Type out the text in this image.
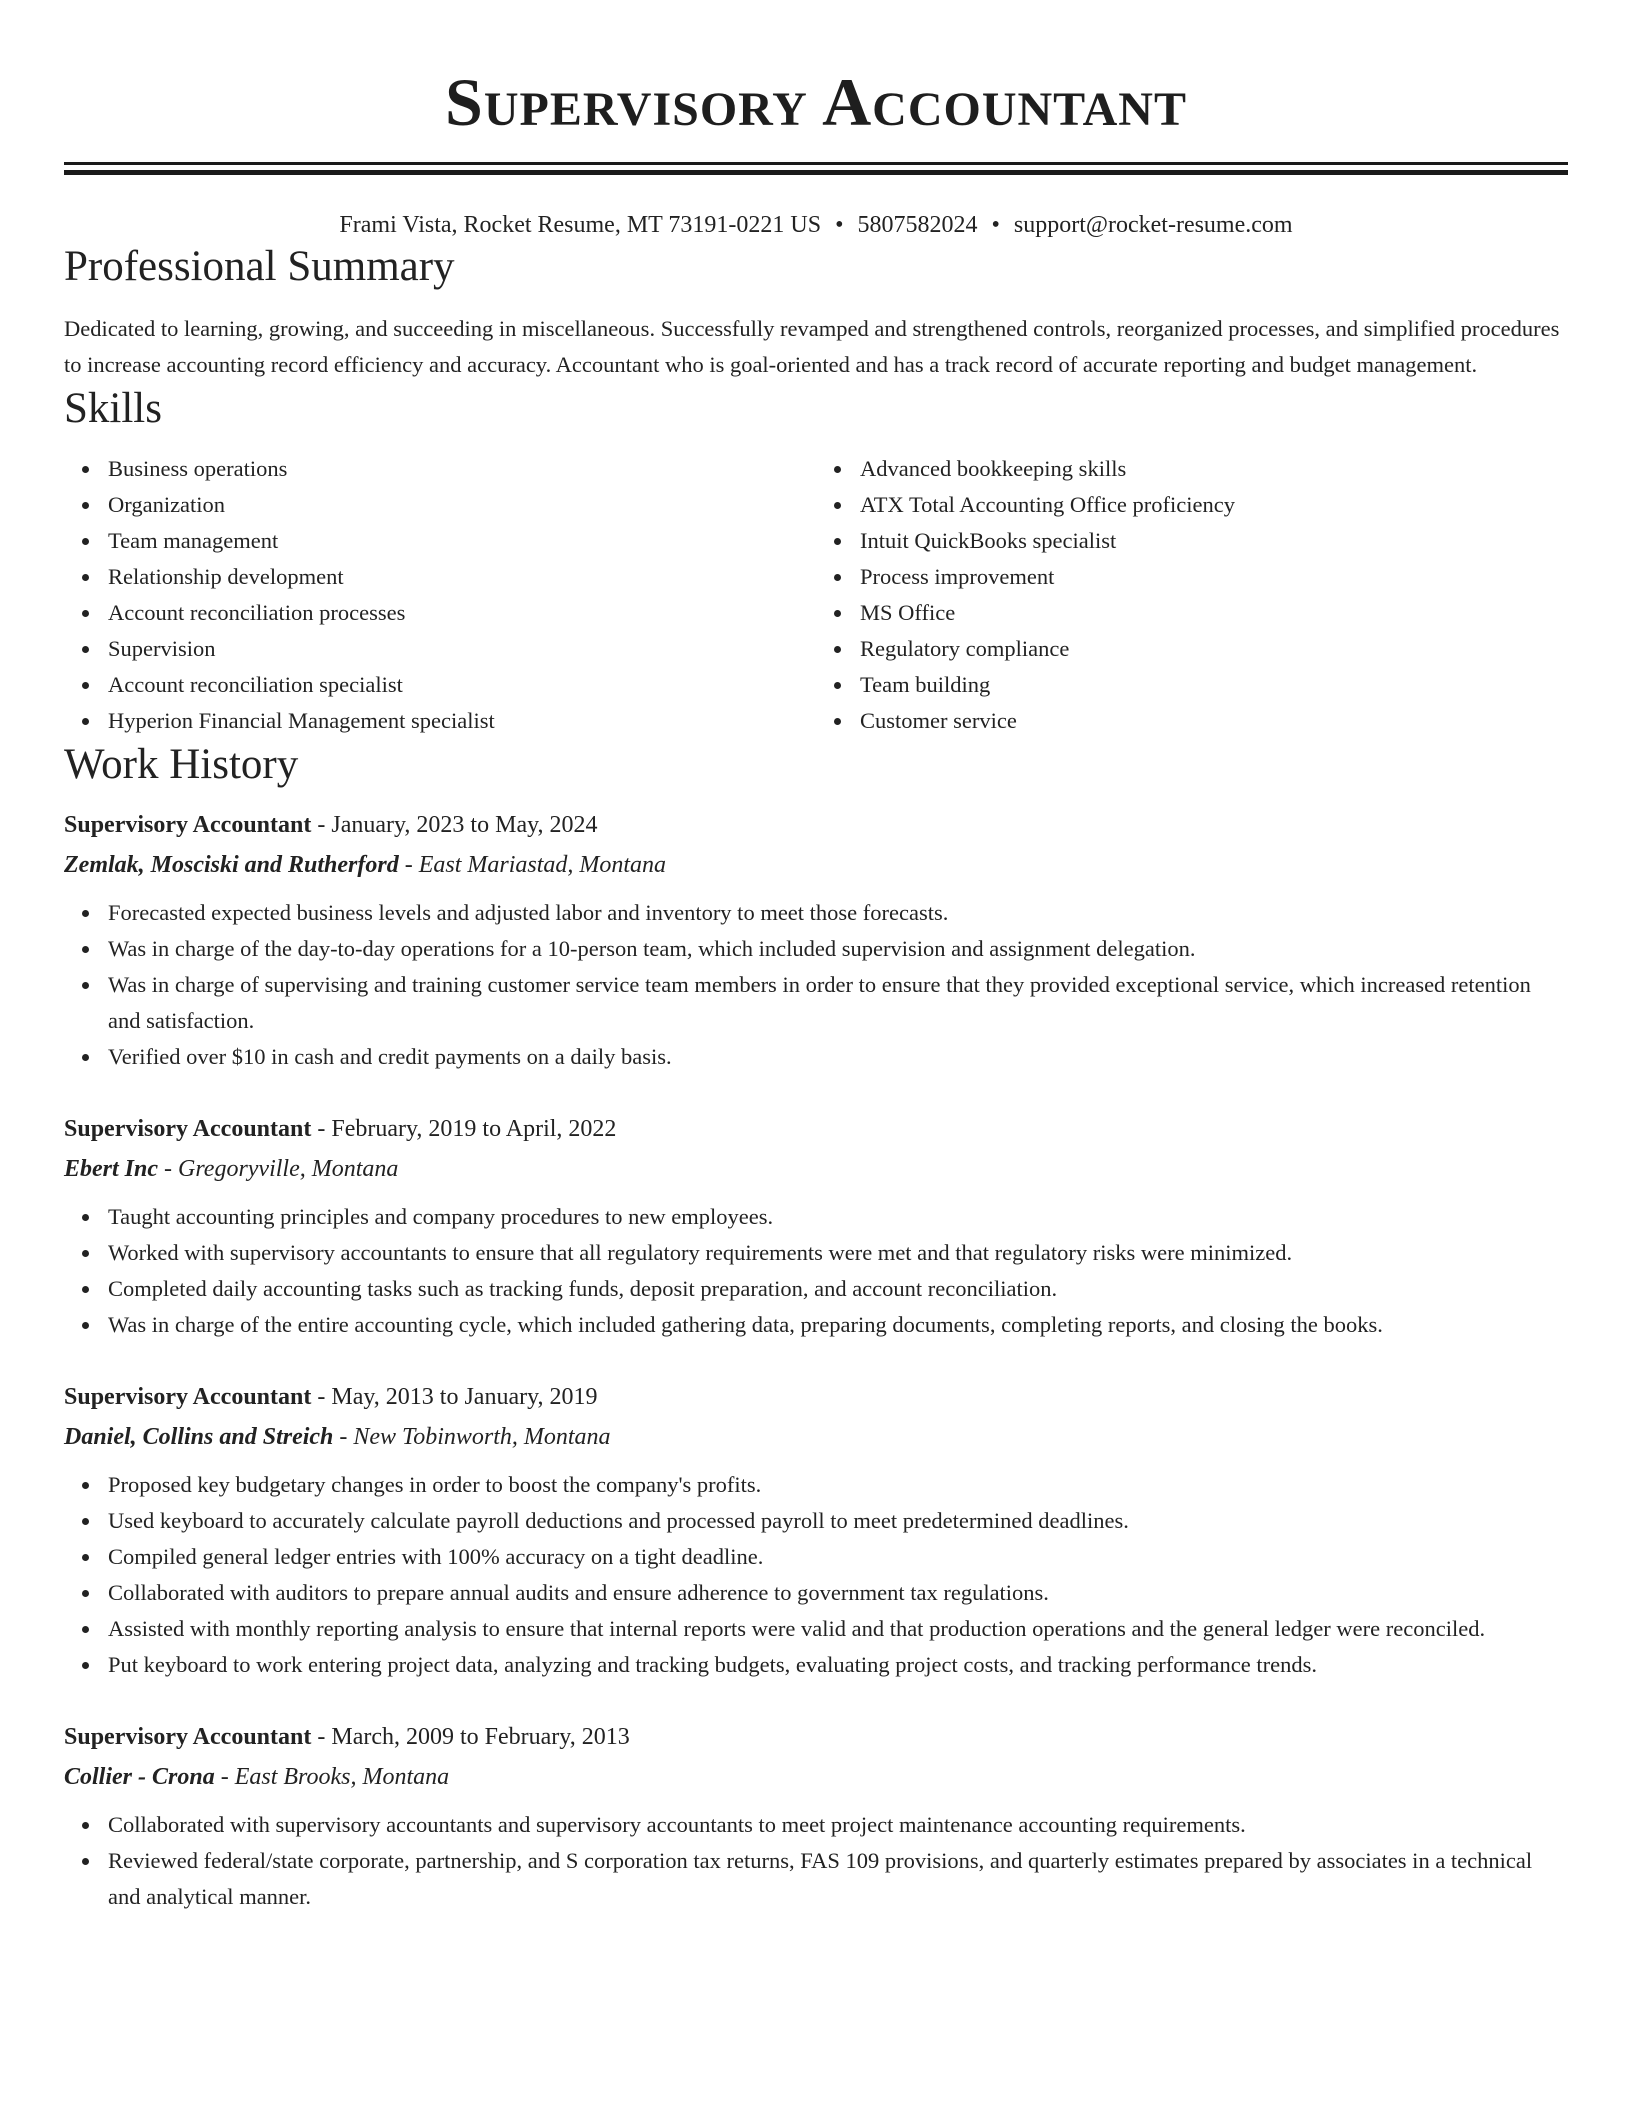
Supervisory Accountant
Frami Vista, Rocket Resume, MT 73191-0221 US • 5807582024 • support@rocket-resume.com
Professional Summary
Dedicated to learning, growing, and succeeding in miscellaneous. Successfully revamped and strengthened controls, reorganized processes, and simplified procedures to increase accounting record efficiency and accuracy. Accountant who is goal-oriented and has a track record of accurate reporting and budget management.
Skills
Business operations
Organization
Team management
Relationship development
Account reconciliation processes
Supervision
Account reconciliation specialist
Hyperion Financial Management specialist
Advanced bookkeeping skills
ATX Total Accounting Office proficiency
Intuit QuickBooks specialist
Process improvement
MS Office
Regulatory compliance
Team building
Customer service
Work History
Supervisory Accountant - January, 2023 to May, 2024
Zemlak, Mosciski and Rutherford - East Mariastad, Montana
Forecasted expected business levels and adjusted labor and inventory to meet those forecasts.
Was in charge of the day-to-day operations for a 10-person team, which included supervision and assignment delegation.
Was in charge of supervising and training customer service team members in order to ensure that they provided exceptional service, which increased retention and satisfaction.
Verified over $10 in cash and credit payments on a daily basis.
Supervisory Accountant - February, 2019 to April, 2022
Ebert Inc - Gregoryville, Montana
Taught accounting principles and company procedures to new employees.
Worked with supervisory accountants to ensure that all regulatory requirements were met and that regulatory risks were minimized.
Completed daily accounting tasks such as tracking funds, deposit preparation, and account reconciliation.
Was in charge of the entire accounting cycle, which included gathering data, preparing documents, completing reports, and closing the books.
Supervisory Accountant - May, 2013 to January, 2019
Daniel, Collins and Streich - New Tobinworth, Montana
Proposed key budgetary changes in order to boost the company's profits.
Used keyboard to accurately calculate payroll deductions and processed payroll to meet predetermined deadlines.
Compiled general ledger entries with 100% accuracy on a tight deadline.
Collaborated with auditors to prepare annual audits and ensure adherence to government tax regulations.
Assisted with monthly reporting analysis to ensure that internal reports were valid and that production operations and the general ledger were reconciled.
Put keyboard to work entering project data, analyzing and tracking budgets, evaluating project costs, and tracking performance trends.
Supervisory Accountant - March, 2009 to February, 2013
Collier - Crona - East Brooks, Montana
Collaborated with supervisory accountants and supervisory accountants to meet project maintenance accounting requirements.
Reviewed federal/state corporate, partnership, and S corporation tax returns, FAS 109 provisions, and quarterly estimates prepared by associates in a technical and analytical manner.
